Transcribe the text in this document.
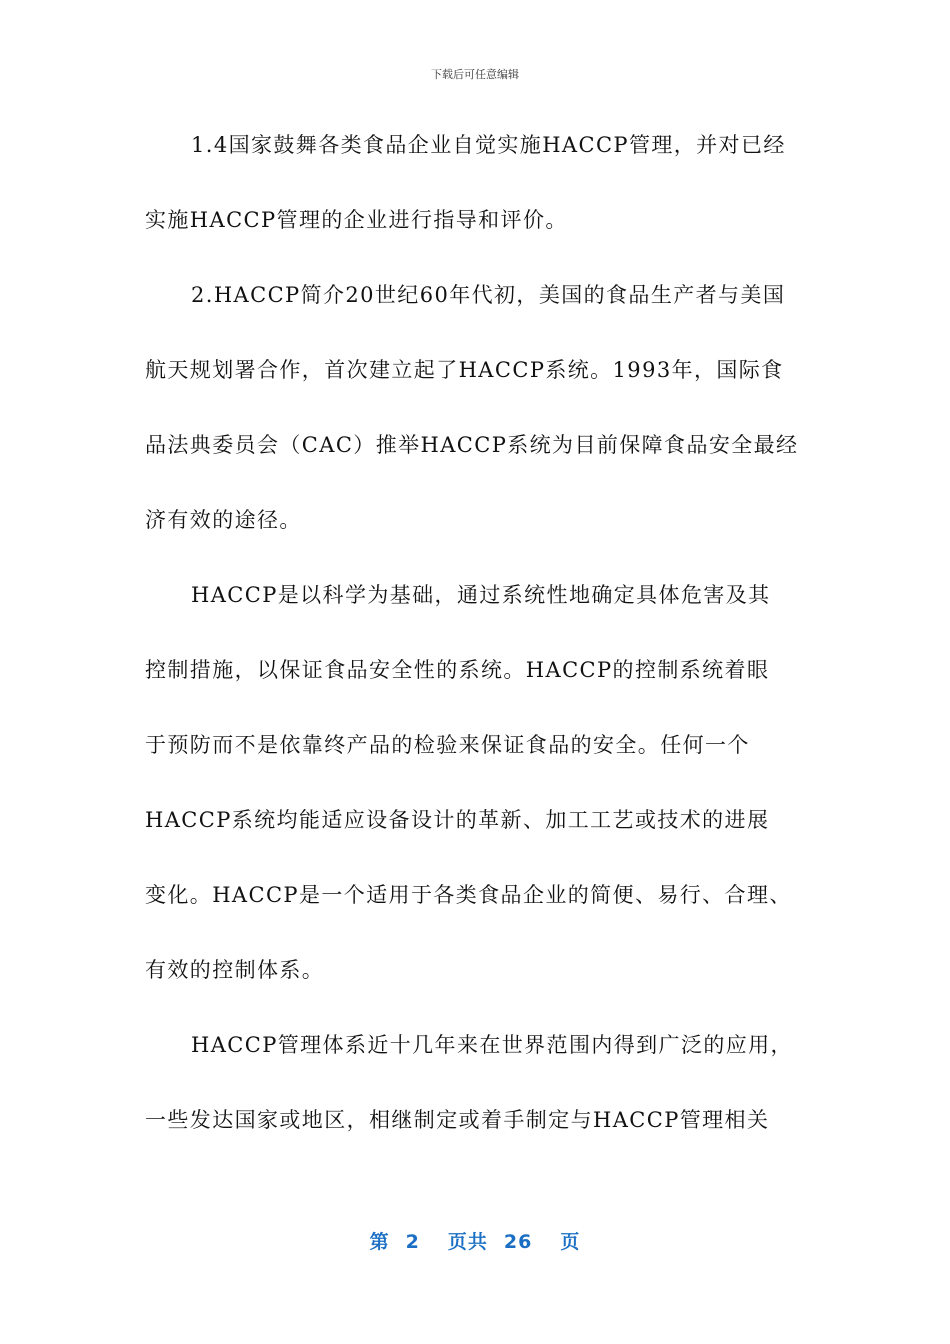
下载后可任意编辑
1.4国家鼓舞各类食品企业自觉实施HACCP管理，并对已经
实施HACCP管理的企业进行指导和评价。
2.HACCP简介20世纪60年代初，美国的食品生产者与美国
航天规划署合作，首次建立起了HACCP系统。1993年，国际食
品法典委员会（CAC）推举HACCP系统为目前保障食品安全最经
济有效的途径。
HACCP是以科学为基础，通过系统性地确定具体危害及其
控制措施，以保证食品安全性的系统。HACCP的控制系统着眼
于预防而不是依靠终产品的检验来保证食品的安全。任何一个
HACCP系统均能适应设备设计的革新、加工工艺或技术的进展
变化。HACCP是一个适用于各类食品企业的简便、易行、合理、
有效的控制体系。
HACCP管理体系近十几年来在世界范围内得到广泛的应用，
一些发达国家或地区，相继制定或着手制定与HACCP管理相关
第 2 页共 26 页
